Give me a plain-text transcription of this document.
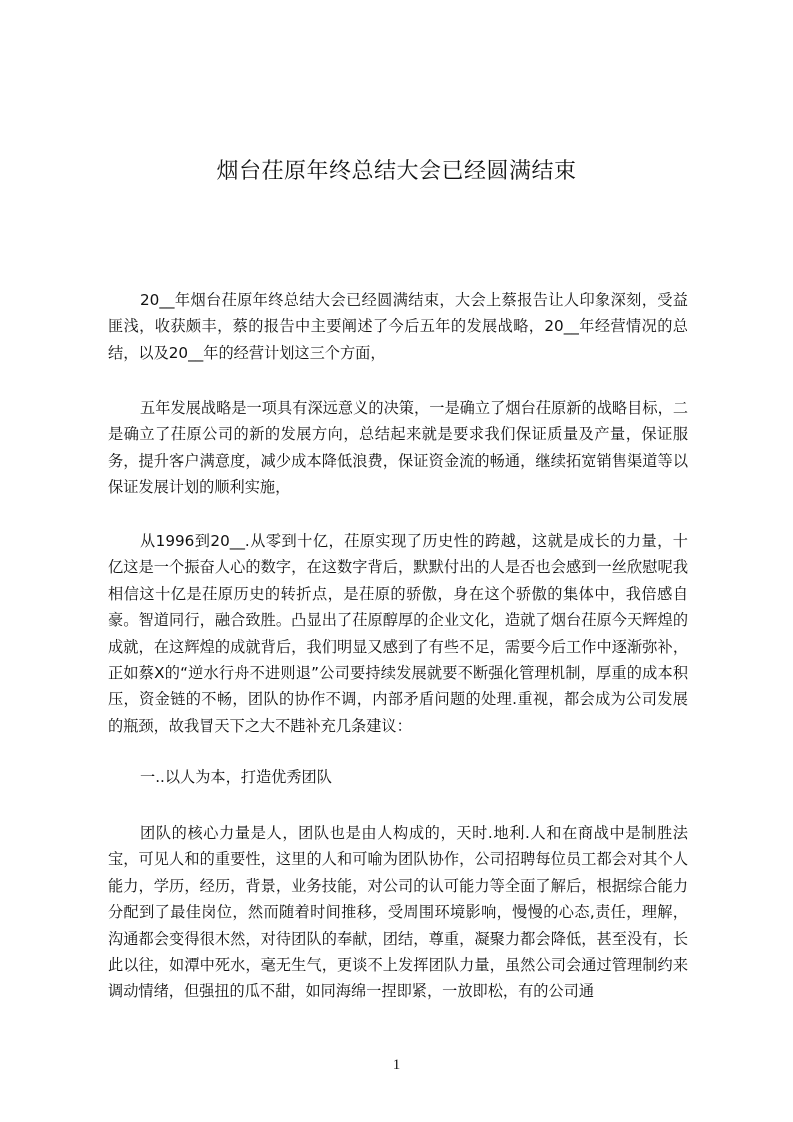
烟台茌原年终总结大会已经圆满结束

20__年烟台茌原年终总结大会已经圆满结束，大会上蔡报告让人印象深刻，受益匪浅，收获颇丰，蔡的报告中主要阐述了今后五年的发展战略，20__年经营情况的总结，以及20__年的经营计划这三个方面，

五年发展战略是一项具有深远意义的决策，一是确立了烟台茌原新的战略目标，二是确立了茌原公司的新的发展方向，总结起来就是要求我们保证质量及产量，保证服务，提升客户满意度，减少成本降低浪费，保证资金流的畅通，继续拓宽销售渠道等以保证发展计划的顺利实施，

从1996到20__.从零到十亿，茌原实现了历史性的跨越，这就是成长的力量，十亿这是一个振奋人心的数字，在这数字背后，默默付出的人是否也会感到一丝欣慰呢我相信这十亿是茌原历史的转折点，是茌原的骄傲，身在这个骄傲的集体中，我倍感自豪。智道同行，融合致胜。凸显出了茌原醇厚的企业文化，造就了烟台茌原今天辉煌的成就，在这辉煌的成就背后，我们明显又感到了有些不足，需要今后工作中逐渐弥补，正如蔡X的“逆水行舟不进则退”公司要持续发展就要不断强化管理机制，厚重的成本积压，资金链的不畅，团队的协作不调，内部矛盾问题的处理.重视，都会成为公司发展的瓶颈，故我冒天下之大不韪补充几条建议：

一..以人为本，打造优秀团队

团队的核心力量是人，团队也是由人构成的，天时.地利.人和在商战中是制胜法宝，可见人和的重要性，这里的人和可喻为团队协作，公司招聘每位员工都会对其个人能力，学历，经历，背景，业务技能，对公司的认可能力等全面了解后，根据综合能力分配到了最佳岗位，然而随着时间推移，受周围环境影响，慢慢的心态,责任，理解，沟通都会变得很木然，对待团队的奉献，团结，尊重，凝聚力都会降低，甚至没有，长此以往，如潭中死水，毫无生气，更谈不上发挥团队力量，虽然公司会通过管理制约来调动情绪，但强扭的瓜不甜，如同海绵一捏即紧，一放即松，有的公司通

1
